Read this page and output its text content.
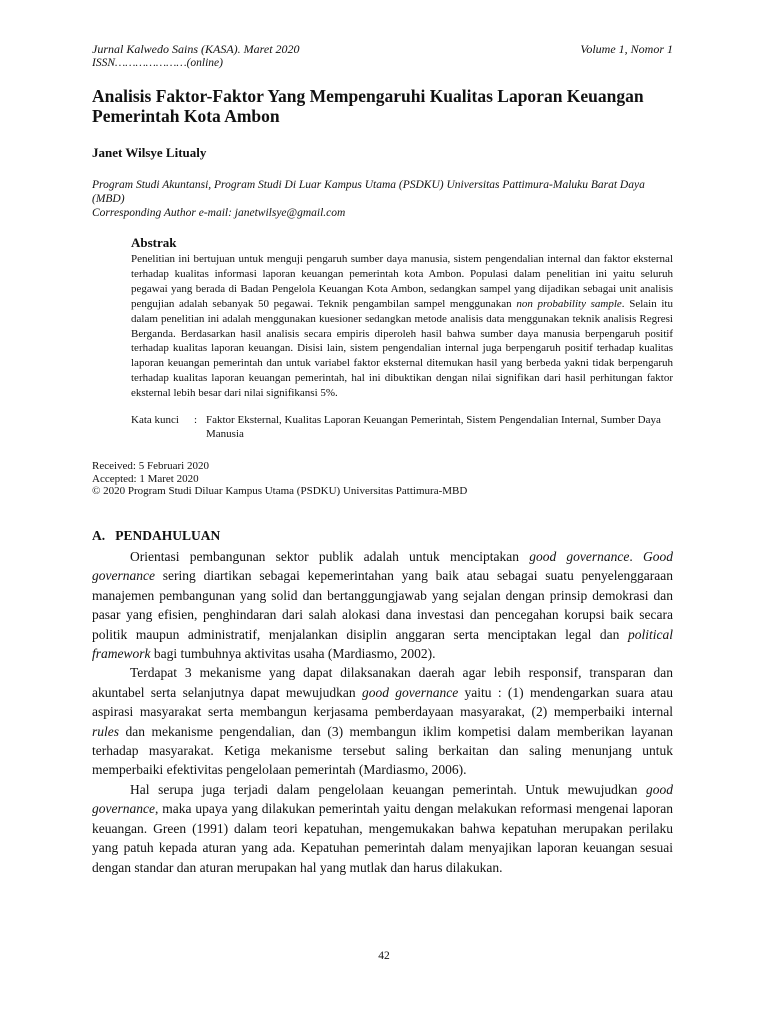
Jurnal Kalwedo Sains (KASA). Maret 2020	Volume 1, Nomor 1
ISSN…………………(online)
Analisis Faktor-Faktor Yang Mempengaruhi Kualitas Laporan Keuangan Pemerintah Kota Ambon

Janet Wilsye Litualy

Program Studi Akuntansi, Program Studi Di Luar Kampus Utama (PSDKU) Universitas Pattimura-Maluku Barat Daya (MBD)
Corresponding Author e-mail: janetwilsye@gmail.com

Abstrak

Penelitian ini bertujuan untuk menguji pengaruh sumber daya manusia, sistem pengendalian internal dan faktor eksternal terhadap kualitas informasi laporan keuangan pemerintah kota Ambon. Populasi dalam penelitian ini yaitu seluruh pegawai yang berada di Badan Pengelola Keuangan Kota Ambon, sedangkan sampel yang dijadikan sebagai unit analisis pengujian adalah sebanyak 50 pegawai. Teknik pengambilan sampel menggunakan non probability sample. Selain itu dalam penelitian ini adalah menggunakan kuesioner sedangkan metode analisis data menggunakan teknik analisis Regresi Berganda. Berdasarkan hasil analisis secara empiris diperoleh hasil bahwa sumber daya manusia berpengaruh positif terhadap kualitas laporan keuangan. Disisi lain, sistem pengendalian internal juga berpengaruh positif terhadap kualitas laporan keuangan pemerintah dan untuk variabel faktor eksternal ditemukan hasil yang berbeda yakni tidak berpengaruh terhadap kualitas laporan keuangan pemerintah, hal ini dibuktikan dengan nilai signifikan dari hasil perhitungan faktor eksternal lebih besar dari nilai signifikansi 5%.

Kata kunci	: Faktor Eksternal, Kualitas Laporan Keuangan Pemerintah, Sistem Pengendalian Internal, Sumber Daya Manusia
Received: 5 Februari 2020
Accepted: 1 Maret 2020
© 2020 Program Studi Diluar Kampus Utama (PSDKU) Universitas Pattimura-MBD

A.   PENDAHULUAN

Orientasi pembangunan sektor publik adalah untuk menciptakan good governance. Good governance sering diartikan sebagai kepemerintahan yang baik atau sebagai suatu penyelenggaraan manajemen pembangunan yang solid dan bertanggungjawab yang sejalan dengan prinsip demokrasi dan pasar yang efisien, penghindaran dari salah alokasi dana investasi dan pencegahan korupsi baik secara politik maupun administratif, menjalankan disiplin anggaran serta menciptakan legal dan political framework bagi tumbuhnya aktivitas usaha (Mardiasmo, 2002).

Terdapat 3 mekanisme yang dapat dilaksanakan daerah agar lebih responsif, transparan dan akuntabel serta selanjutnya dapat mewujudkan good governance yaitu : (1) mendengarkan suara atau aspirasi masyarakat serta membangun kerjasama pemberdayaan masyarakat, (2) memperbaiki internal rules dan mekanisme pengendalian, dan (3) membangun iklim kompetisi dalam memberikan layanan terhadap masyarakat. Ketiga mekanisme tersebut saling berkaitan dan saling menunjang untuk memperbaiki efektivitas pengelolaan pemerintah (Mardiasmo, 2006).

Hal serupa juga terjadi dalam pengelolaan keuangan pemerintah. Untuk mewujudkan good governance, maka upaya yang dilakukan pemerintah yaitu dengan melakukan reformasi mengenai laporan keuangan. Green (1991) dalam teori kepatuhan, mengemukakan bahwa kepatuhan merupakan perilaku yang patuh kepada aturan yang ada. Kepatuhan pemerintah dalam menyajikan laporan keuangan sesuai dengan standar dan aturan merupakan hal yang mutlak dan harus dilakukan.

42
